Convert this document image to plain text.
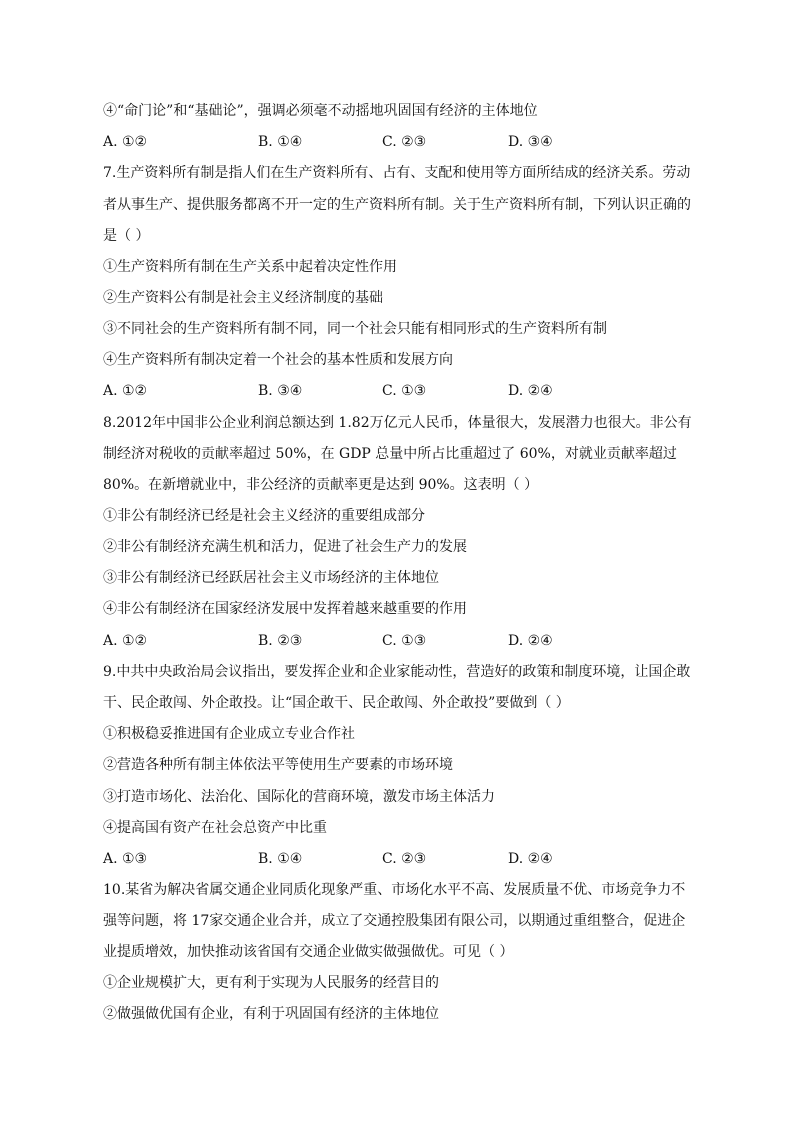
④“命门论”和“基础论”，强调必须毫不动摇地巩固国有经济的主体地位
A. ①②	B. ①④	C. ②③	D. ③④
7.生产资料所有制是指人们在生产资料所有、占有、支配和使用等方面所结成的经济关系。劳动
者从事生产、提供服务都离不开一定的生产资料所有制。关于生产资料所有制，下列认识正确的
是（ ）
①生产资料所有制在生产关系中起着决定性作用
②生产资料公有制是社会主义经济制度的基础
③不同社会的生产资料所有制不同，同一个社会只能有相同形式的生产资料所有制
④生产资料所有制决定着一个社会的基本性质和发展方向
A. ①②	B. ③④	C. ①③	D. ②④
8.2012年中国非公企业利润总额达到 1.82万亿元人民币，体量很大，发展潜力也很大。非公有
制经济对税收的贡献率超过 50%，在 GDP 总量中所占比重超过了 60%，对就业贡献率超过
80%。在新增就业中，非公经济的贡献率更是达到 90%。这表明（ ）
①非公有制经济已经是社会主义经济的重要组成部分
②非公有制经济充满生机和活力，促进了社会生产力的发展
③非公有制经济已经跃居社会主义市场经济的主体地位
④非公有制经济在国家经济发展中发挥着越来越重要的作用
A. ①②	B. ②③	C. ①③	D. ②④
9.中共中央政治局会议指出，要发挥企业和企业家能动性，营造好的政策和制度环境，让国企敢
干、民企敢闯、外企敢投。让“国企敢干、民企敢闯、外企敢投”要做到（ ）
①积极稳妥推进国有企业成立专业合作社
②营造各种所有制主体依法平等使用生产要素的市场环境
③打造市场化、法治化、国际化的营商环境，激发市场主体活力
④提高国有资产在社会总资产中比重
A. ①③	B. ①④	C. ②③	D. ②④
10.某省为解决省属交通企业同质化现象严重、市场化水平不高、发展质量不优、市场竞争力不
强等问题，将 17家交通企业合并，成立了交通控股集团有限公司，以期通过重组整合，促进企
业提质增效，加快推动该省国有交通企业做实做强做优。可见（ ）
①企业规模扩大，更有利于实现为人民服务的经营目的
②做强做优国有企业，有利于巩固国有经济的主体地位
